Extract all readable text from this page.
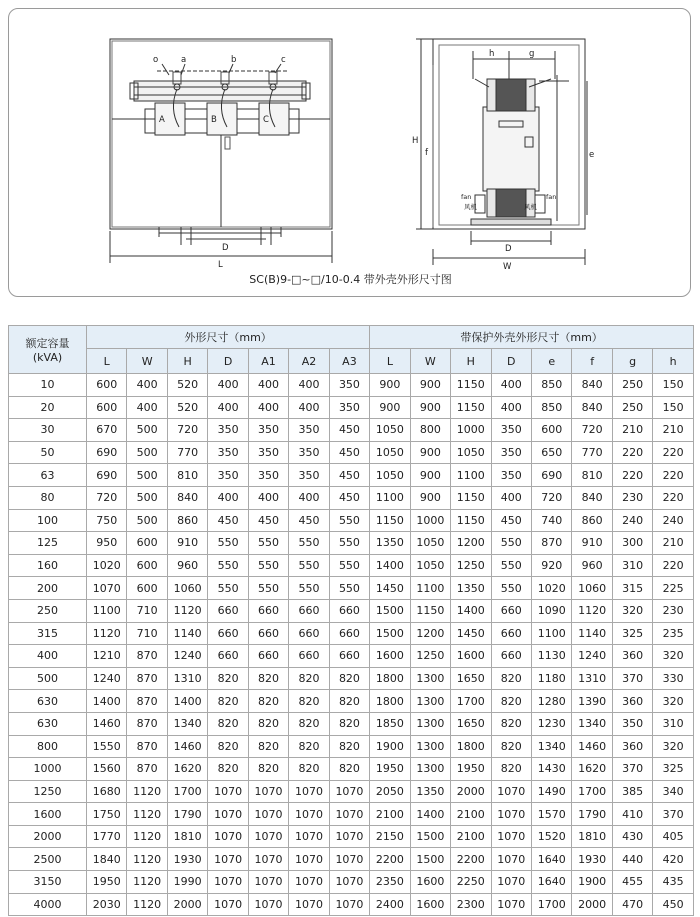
o	a	b	c
A	B	C
D
L
h	g
H
f	e
fan	fan
风机	风机
D
W
SC(B)9-□~□/10-0.4 带外壳外形尺寸图
额定容量
(kVA)	外形尺寸（mm）							带保护外壳外形尺寸（mm）							
	L	W	H	D	A1	A2	A3	L	W	H	D	e	f	g	h
10	600	400	520	400	400	400	350	900	900	1150	400	850	840	250	150
20	600	400	520	400	400	400	350	900	900	1150	400	850	840	250	150
30	670	500	720	350	350	350	450	1050	800	1000	350	600	720	210	210
50	690	500	770	350	350	350	450	1050	900	1050	350	650	770	220	220
63	690	500	810	350	350	350	450	1050	900	1100	350	690	810	220	220
80	720	500	840	400	400	400	450	1100	900	1150	400	720	840	230	220
100	750	500	860	450	450	450	550	1150	1000	1150	450	740	860	240	240
125	950	600	910	550	550	550	550	1350	1050	1200	550	870	910	300	210
160	1020	600	960	550	550	550	550	1400	1050	1250	550	920	960	310	220
200	1070	600	1060	550	550	550	550	1450	1100	1350	550	1020	1060	315	225
250	1100	710	1120	660	660	660	660	1500	1150	1400	660	1090	1120	320	230
315	1120	710	1140	660	660	660	660	1500	1200	1450	660	1100	1140	325	235
400	1210	870	1240	660	660	660	660	1600	1250	1600	660	1130	1240	360	320
500	1240	870	1310	820	820	820	820	1800	1300	1650	820	1180	1310	370	330
630	1400	870	1400	820	820	820	820	1800	1300	1700	820	1280	1390	360	320
630	1460	870	1340	820	820	820	820	1850	1300	1650	820	1230	1340	350	310
800	1550	870	1460	820	820	820	820	1900	1300	1800	820	1340	1460	360	320
1000	1560	870	1620	820	820	820	820	1950	1300	1950	820	1430	1620	370	325
1250	1680	1120	1700	1070	1070	1070	1070	2050	1350	2000	1070	1490	1700	385	340
1600	1750	1120	1790	1070	1070	1070	1070	2100	1400	2100	1070	1570	1790	410	370
2000	1770	1120	1810	1070	1070	1070	1070	2150	1500	2100	1070	1520	1810	430	405
2500	1840	1120	1930	1070	1070	1070	1070	2200	1500	2200	1070	1640	1930	440	420
3150	1950	1120	1990	1070	1070	1070	1070	2350	1600	2250	1070	1640	1900	455	435
4000	2030	1120	2000	1070	1070	1070	1070	2400	1600	2300	1070	1700	2000	470	450
